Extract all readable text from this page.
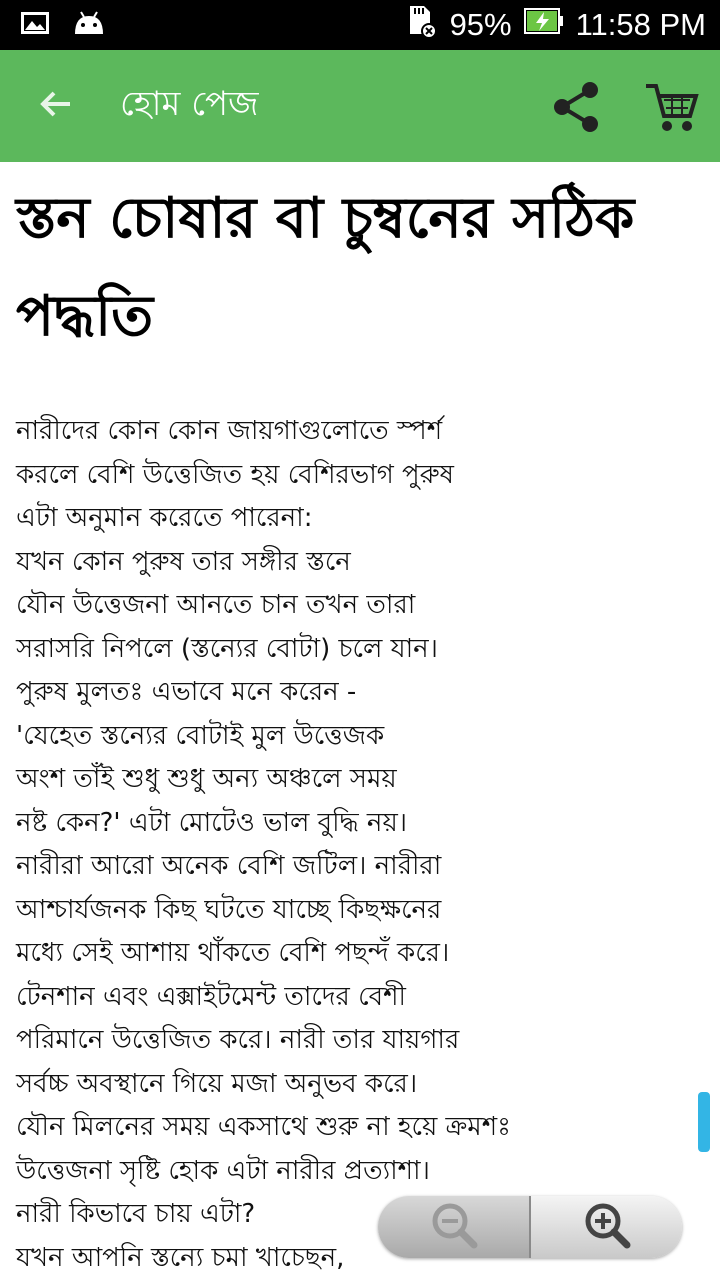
95% 11:58 PM
হোম পেজ
স্তন চোষার বা চুম্বনের সঠিক পদ্ধতি
নারীদের কোন কোন জায়গাগুলোতে স্পর্শ
করলে বেশি উত্তেজিত হয় বেশিরভাগ পুরুষ
এটা অনুমান করেতে পারেনা:
যখন কোন পুরুষ তার সঙ্গীর স্তনে
যৌন উত্তেজনা আনতে চান তখন তারা
সরাসরি নিপলে (স্তন্যের বোটা) চলে যান।
পুরুষ মুলতঃ এভাবে মনে করেন -
'যেহেত স্তন্যের বোটাই মুল উত্তেজক
অংশ তাঁই শুধু শুধু অন্য অঞ্চলে সময়
নষ্ট কেন?' এটা মোটেও ভাল বুদ্ধি নয়।
নারীরা আরো অনেক বেশি জটিল। নারীরা
আশ্চার্যজনক কিছ ঘটতে যাচ্ছে কিছক্ষনের
মধ্যে সেই আশায় থাঁকতে বেশি পছন্দঁ করে।
টেনশান এবং এক্সাইটমেন্ট তাদের বেশী
পরিমানে উত্তেজিত করে। নারী তার যায়গার
সর্বচ্চ অবস্থানে গিয়ে মজা অনুভব করে।
যৌন মিলনের সময় একসাথে শুরু না হয়ে ক্রমশঃ
উত্তেজনা সৃষ্টি হোক এটা নারীর প্রত্যাশা।
নারী কিভাবে চায় এটা?
যখন আপনি স্তন্যে চমা খাচেছন,
